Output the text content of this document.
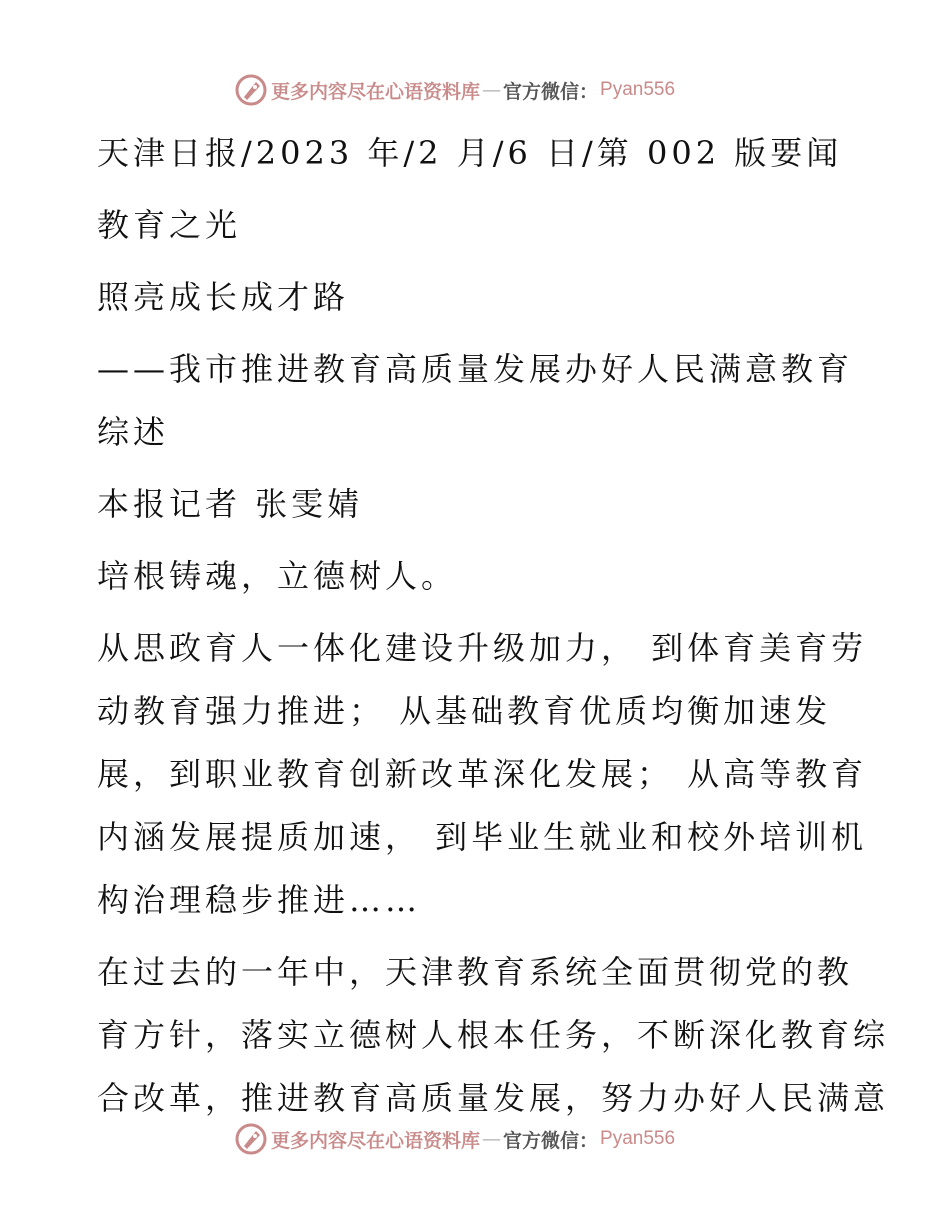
更多内容尽在心语资料库 — 官方微信： Pyan556
天津日报/2023 年/2 月/6 日/第 002 版要闻
教育之光
照亮成长成才路
——我市推进教育高质量发展办好人民满意教育
综述
本报记者 张雯婧
培根铸魂，立德树人。
从思政育人一体化建设升级加力， 到体育美育劳
动教育强力推进； 从基础教育优质均衡加速发
展，到职业教育创新改革深化发展； 从高等教育
内涵发展提质加速， 到毕业生就业和校外培训机
构治理稳步推进……
在过去的一年中，天津教育系统全面贯彻党的教
育方针，落实立德树人根本任务，不断深化教育综
合改革，推进教育高质量发展，努力办好人民满意
更多内容尽在心语资料库 — 官方微信： Pyan556
